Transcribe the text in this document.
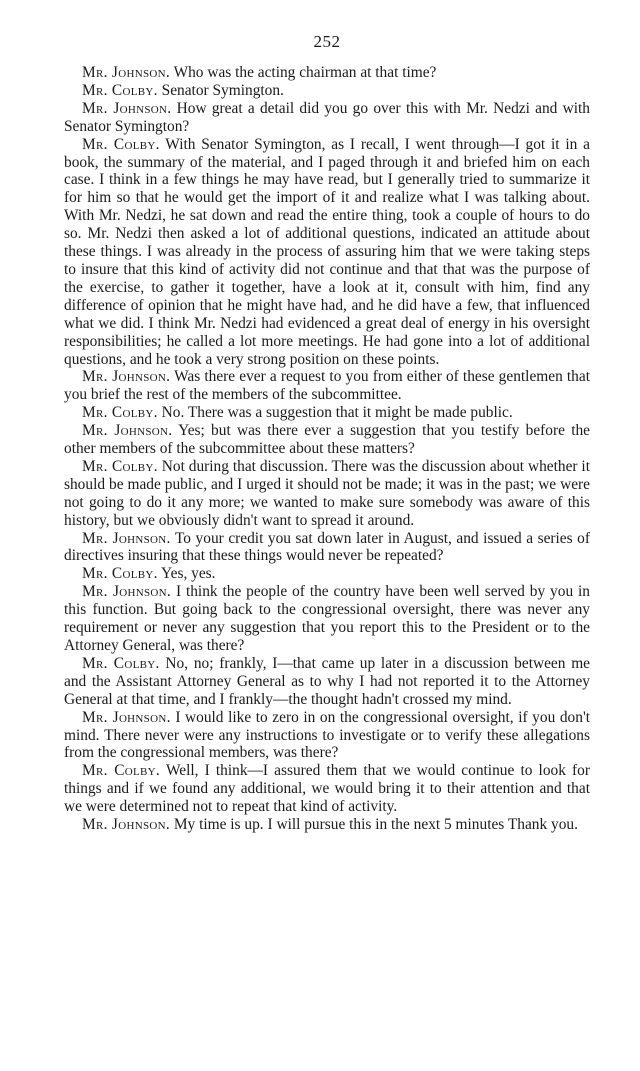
252

Mr. Johnson. Who was the acting chairman at that time?

Mr. Colby. Senator Symington.

Mr. Johnson. How great a detail did you go over this with Mr. Nedzi and with Senator Symington?

Mr. Colby. With Senator Symington, as I recall, I went through—I got it in a book, the summary of the material, and I paged through it and briefed him on each case. I think in a few things he may have read, but I generally tried to summarize it for him so that he would get the import of it and realize what I was talking about. With Mr. Nedzi, he sat down and read the entire thing, took a couple of hours to do so. Mr. Nedzi then asked a lot of additional questions, indicated an attitude about these things. I was already in the process of assuring him that we were taking steps to insure that this kind of activity did not continue and that that was the purpose of the exercise, to gather it together, have a look at it, consult with him, find any difference of opinion that he might have had, and he did have a few, that influenced what we did. I think Mr. Nedzi had evidenced a great deal of energy in his oversight responsibilities; he called a lot more meetings. He had gone into a lot of additional questions, and he took a very strong position on these points.

Mr. Johnson. Was there ever a request to you from either of these gentlemen that you brief the rest of the members of the subcommittee.

Mr. Colby. No. There was a suggestion that it might be made public.

Mr. Johnson. Yes; but was there ever a suggestion that you testify before the other members of the subcommittee about these matters?

Mr. Colby. Not during that discussion. There was the discussion about whether it should be made public, and I urged it should not be made; it was in the past; we were not going to do it any more; we wanted to make sure somebody was aware of this history, but we obviously didn't want to spread it around.

Mr. Johnson. To your credit you sat down later in August, and issued a series of directives insuring that these things would never be repeated?

Mr. Colby. Yes, yes.

Mr. Johnson. I think the people of the country have been well served by you in this function. But going back to the congressional oversight, there was never any requirement or never any suggestion that you report this to the President or to the Attorney General, was there?

Mr. Colby. No, no; frankly, I—that came up later in a discussion between me and the Assistant Attorney General as to why I had not reported it to the Attorney General at that time, and I frankly—the thought hadn't crossed my mind.

Mr. Johnson. I would like to zero in on the congressional oversight, if you don't mind. There never were any instructions to investigate or to verify these allegations from the congressional members, was there?

Mr. Colby. Well, I think—I assured them that we would continue to look for things and if we found any additional, we would bring it to their attention and that we were determined not to repeat that kind of activity.

Mr. Johnson. My time is up. I will pursue this in the next 5 minutes Thank you.
